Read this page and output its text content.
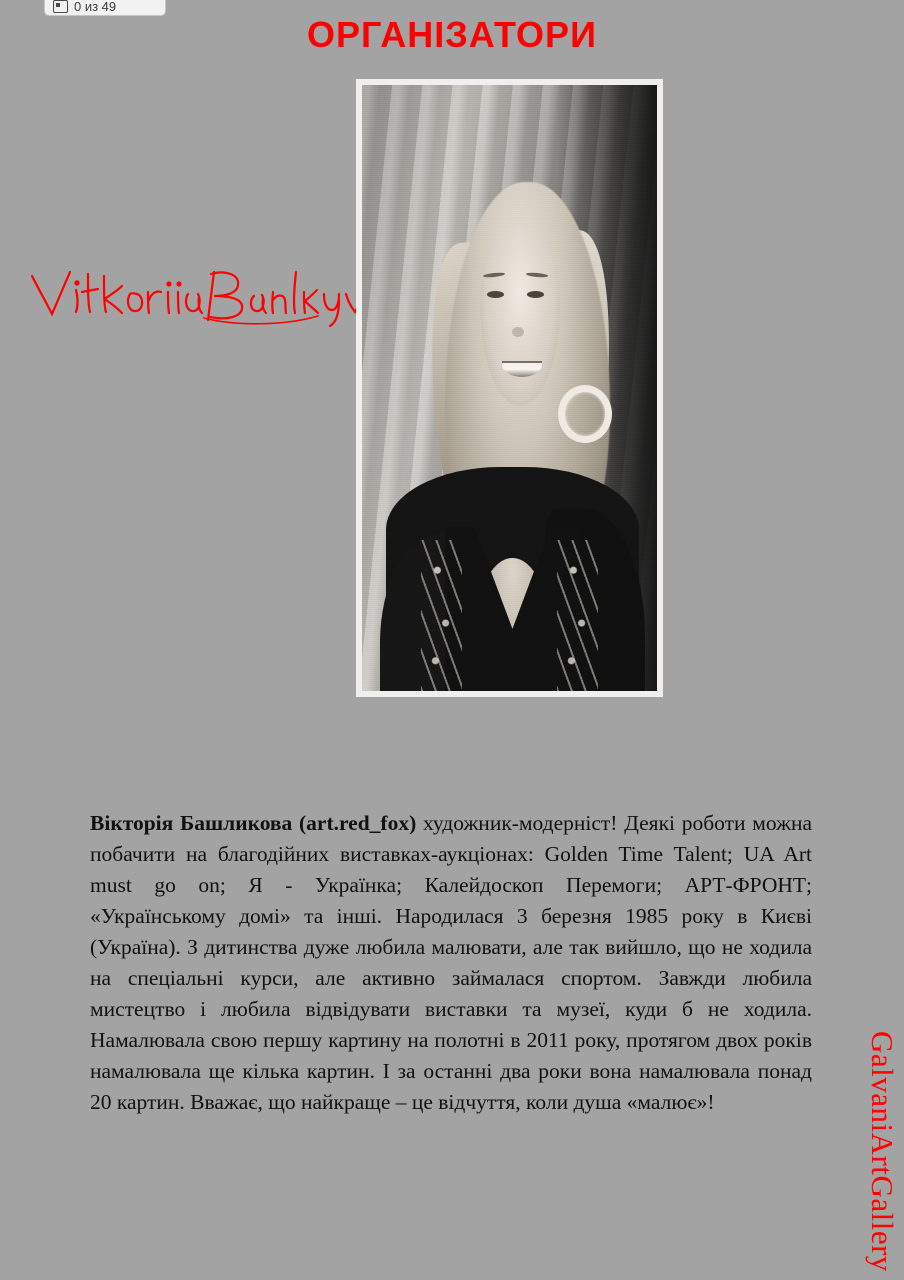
0 из 49
ОРГАНІЗАТОРИ

Вікторія Башликова (art.red_fox) художник-модерніст! Деякі роботи можна побачити на благодійних виставках-аукціонах: Golden Time Talent; UA Art must go on; Я - Українка; Калейдоскоп Перемоги; АРТ-ФРОНТ; «Українському домі» та інші. Народилася 3 березня 1985 року в Києві (Україна). З дитинства дуже любила малювати, але так вийшло, що не ходила на спеціальні курси, але активно займалася спортом. Завжди любила мистецтво і любила відвідувати виставки та музеї, куди б не ходила. Намалювала свою першу картину на полотні в 2011 року, протягом двох років намалювала ще кілька картин. І за останні два роки вона намалювала понад 20 картин. Вважає, що найкраще – це відчуття, коли душа «малює»!	GalvaniArtGallery
